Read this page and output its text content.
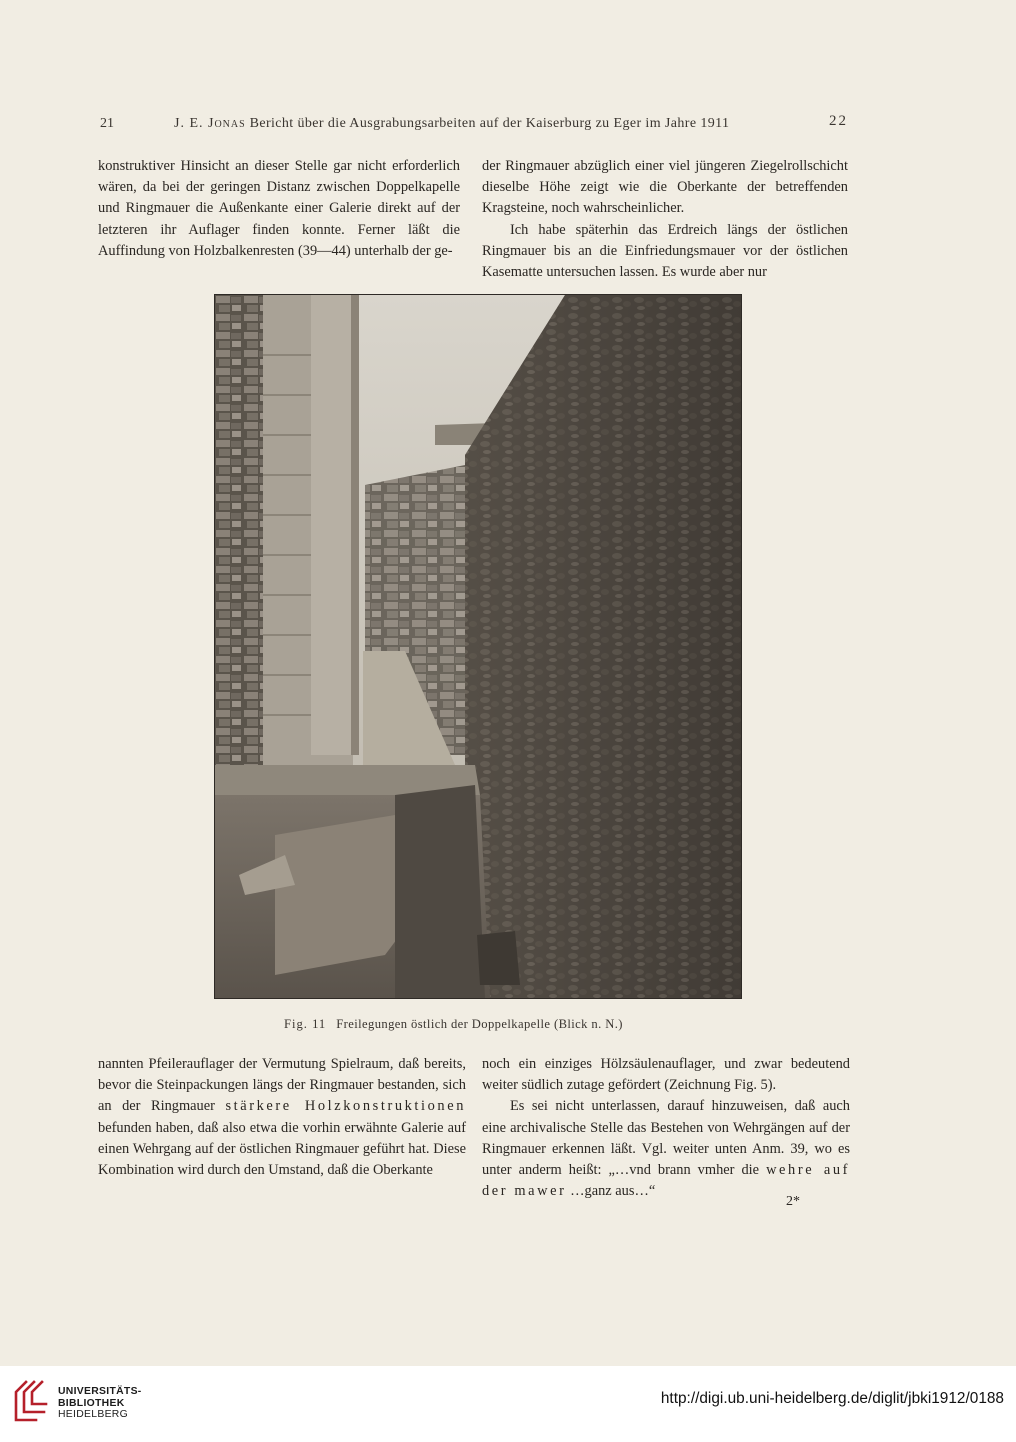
21	J. E. Jonas Bericht über die Ausgrabungsarbeiten auf der Kaiserburg zu Eger im Jahre 1911	22

konstruktiver Hinsicht an dieser Stelle gar nicht erforderlich wären, da bei der geringen Distanz zwischen Doppelkapelle und Ringmauer die Außenkante einer Galerie direkt auf der letzteren ihr Auflager finden konnte. Ferner läßt die Auffindung von Holzbalkenresten (39—44) unterhalb der ge-

der Ringmauer abzüglich einer viel jüngeren Ziegelrollschicht dieselbe Höhe zeigt wie die Oberkante der betreffenden Kragsteine, noch wahrscheinlicher.

Ich habe späterhin das Erdreich längs der östlichen Ringmauer bis an die Einfriedungsmauer vor der östlichen Kasematte untersuchen lassen. Es wurde aber nur

Fig. 11 Freilegungen östlich der Doppelkapelle (Blick n. N.)

nannten Pfeilerauflager der Vermutung Spielraum, daß bereits, bevor die Steinpackungen längs der Ringmauer bestanden, sich an der Ringmauer stärkere Holzkonstruktionen befunden haben, daß also etwa die vorhin erwähnte Galerie auf einen Wehrgang auf der östlichen Ringmauer geführt hat. Diese Kombination wird durch den Umstand, daß die Oberkante

noch ein einziges Hölzsäulenauflager, und zwar bedeutend weiter südlich zutage gefördert (Zeichnung Fig. 5).

Es sei nicht unterlassen, darauf hinzuweisen, daß auch eine archivalische Stelle das Bestehen von Wehrgängen auf der Ringmauer erkennen läßt. Vgl. weiter unten Anm. 39, wo es unter anderm heißt: „…vnd brann vmher die wehre auf der mawer …ganz aus…“

2*
UNIVERSITÄTS-
BIBLIOTHEK
HEIDELBERG
http://digi.ub.uni-heidelberg.de/diglit/jbki1912/0188
